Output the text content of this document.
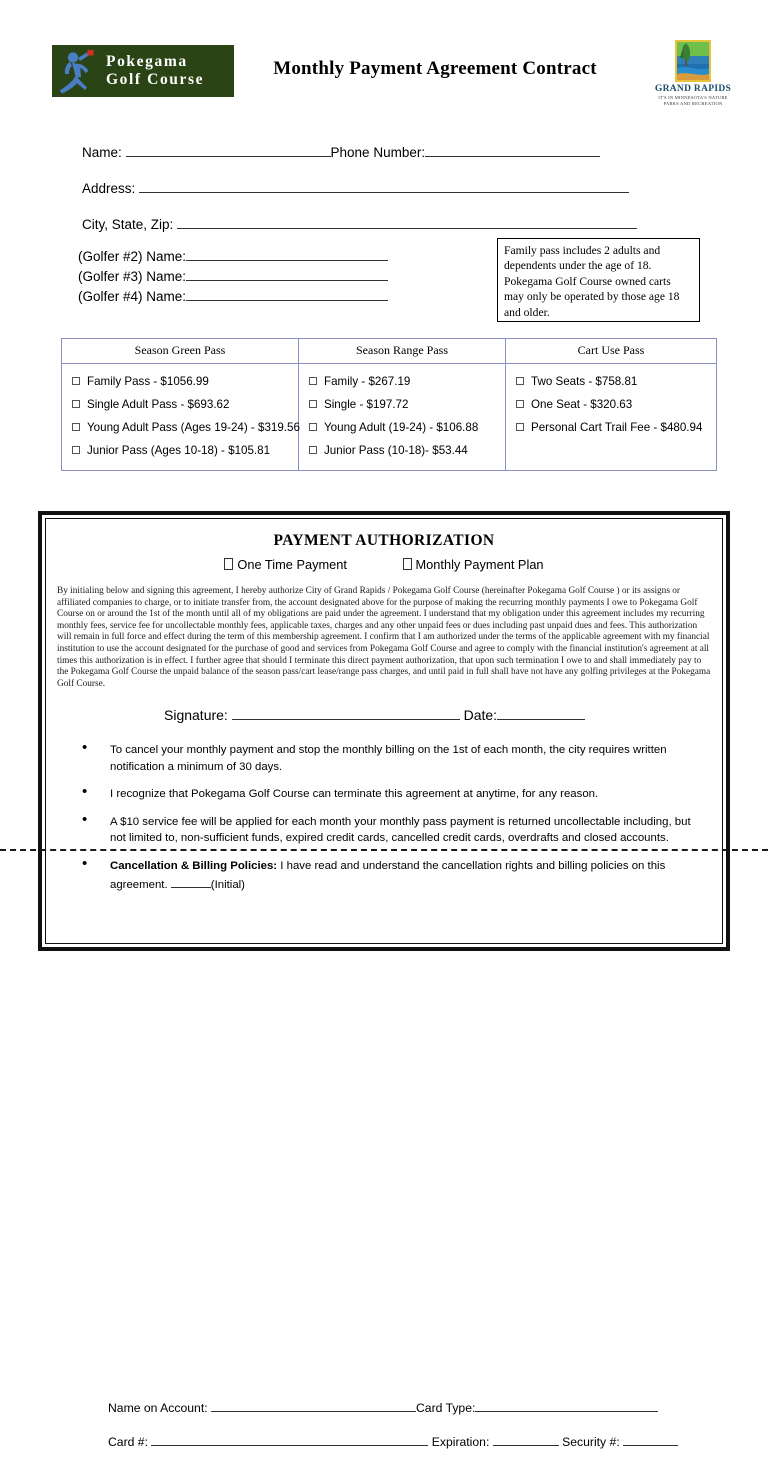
Pokegama
Golf Course
Monthly Payment Agreement Contract
GRAND RAPIDS
IT'S IN MINNESOTA'S NATURE
PARKS AND RECREATION
Name:	Phone Number:
Address:
City, State, Zip:
(Golfer #2) Name:
(Golfer #3) Name:
(Golfer #4) Name:
Family pass includes 2 adults and dependents under the age of 18. Pokegama Golf Course owned carts may only be operated by those age 18 and older.
Season Green Pass	Season Range Pass	Cart Use Pass

Family Pass - $1056.99
Single Adult Pass - $693.62
Young Adult Pass (Ages 19-24) - $319.56
Junior Pass (Ages 10-18) - $105.81

Family - $267.19
Single - $197.72
Young Adult (19-24) - $106.88
Junior Pass (10-18)- $53.44

Two Seats - $758.81
One Seat - $320.63
Personal Cart Trail Fee - $480.94
PAYMENT AUTHORIZATION
One Time Payment	Monthly Payment Plan
By initialing below and signing this agreement, I hereby authorize City of Grand Rapids / Pokegama Golf Course (hereinafter Pokegama Golf Course ) or its assigns or affiliated companies to charge, or to initiate transfer from, the account designated above for the purpose of making the recurring monthly payments I owe to Pokegama Golf Course on or around the 1st of the month until all of my obligations are paid under the agreement. I understand that my obligation under this agreement includes my recurring monthly fees, service fee for uncollectable monthly fees, applicable taxes, charges and any other unpaid fees or dues including past unpaid dues and fees. This authorization will remain in full force and effect during the term of this membership agreement. I confirm that I am authorized under the terms of the applicable agreement with my financial institution to use the account designated for the purchase of good and services from Pokegama Golf Course and agree to comply with the financial institution's agreement at all times this authorization is in effect. I further agree that should I terminate this direct payment authorization, that upon such termination I owe to and shall immediately pay to the Pokegama Golf Course the unpaid balance of the season pass/cart lease/range pass charges, and until paid in full shall have not have any golfing privileges at the Pokegama Golf Course.
Signature:	Date:
• To cancel your monthly payment and stop the monthly billing on the 1st of each month, the city requires written notification a minimum of 30 days.
• I recognize that Pokegama Golf Course can terminate this agreement at anytime, for any reason.
• A $10 service fee will be applied for each month your monthly pass payment is returned uncollectable including, but not limited to, non-sufficient funds, expired credit cards, cancelled credit cards, overdrafts and closed accounts.
• Cancellation & Billing Policies: I have read and understand the cancellation rights and billing policies on this agreement.	(Initial)
Name on Account:	Card Type:
Card #:	Expiration:	Security #:
